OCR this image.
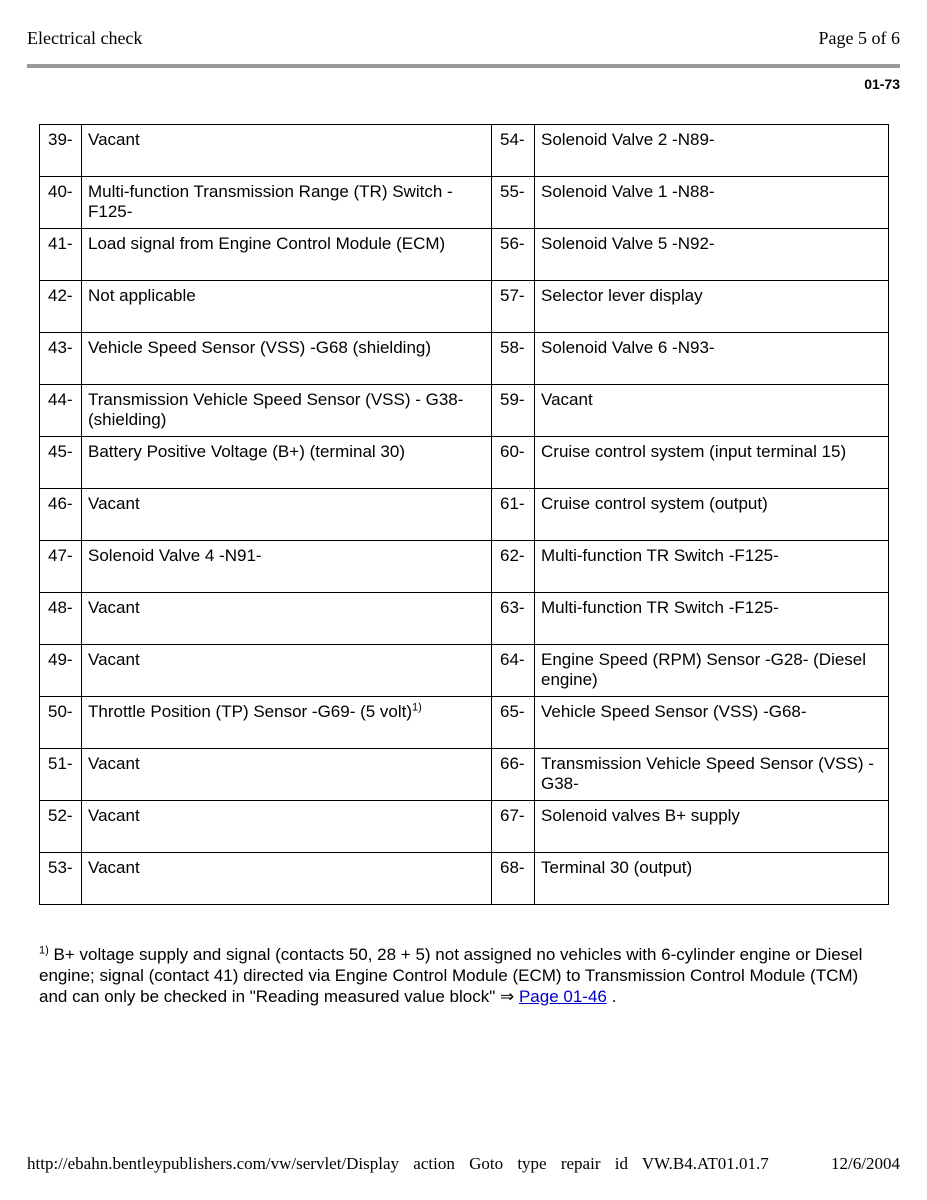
Electrical check	Page 5 of 6
01-73
39-	Vacant	54-	Solenoid Valve 2 -N89-
40-	Multi-function Transmission Range (TR) Switch - F125-	55-	Solenoid Valve 1 -N88-
41-	Load signal from Engine Control Module (ECM)	56-	Solenoid Valve 5 -N92-
42-	Not applicable	57-	Selector lever display
43-	Vehicle Speed Sensor (VSS) -G68 (shielding)	58-	Solenoid Valve 6 -N93-
44-	Transmission Vehicle Speed Sensor (VSS) - G38- (shielding)	59-	Vacant
45-	Battery Positive Voltage (B+) (terminal 30)	60-	Cruise control system (input terminal 15)
46-	Vacant	61-	Cruise control system (output)
47-	Solenoid Valve 4 -N91-	62-	Multi-function TR Switch -F125-
48-	Vacant	63-	Multi-function TR Switch -F125-
49-	Vacant	64-	Engine Speed (RPM) Sensor -G28- (Diesel engine)
50-	Throttle Position (TP) Sensor -G69- (5 volt)$^{1)}$	65-	Vehicle Speed Sensor (VSS) -G68-
51-	Vacant	66-	Transmission Vehicle Speed Sensor (VSS) -G38-
52-	Vacant	67-	Solenoid valves B+ supply
53-	Vacant	68-	Terminal 30 (output)
$^{1)}$ B+ voltage supply and signal (contacts 50, 28 + 5) not assigned no vehicles with 6-cylinder engine or Diesel engine; signal (contact 41) directed via Engine Control Module (ECM) to Transmission Control Module (TCM) and can only be checked in "Reading measured value block" ⇒ Page 01-46 .
http://ebahn.bentleypublishers.com/vw/servlet/Display action Goto type repair id VW.B4.AT01.01.7	12/6/2004
